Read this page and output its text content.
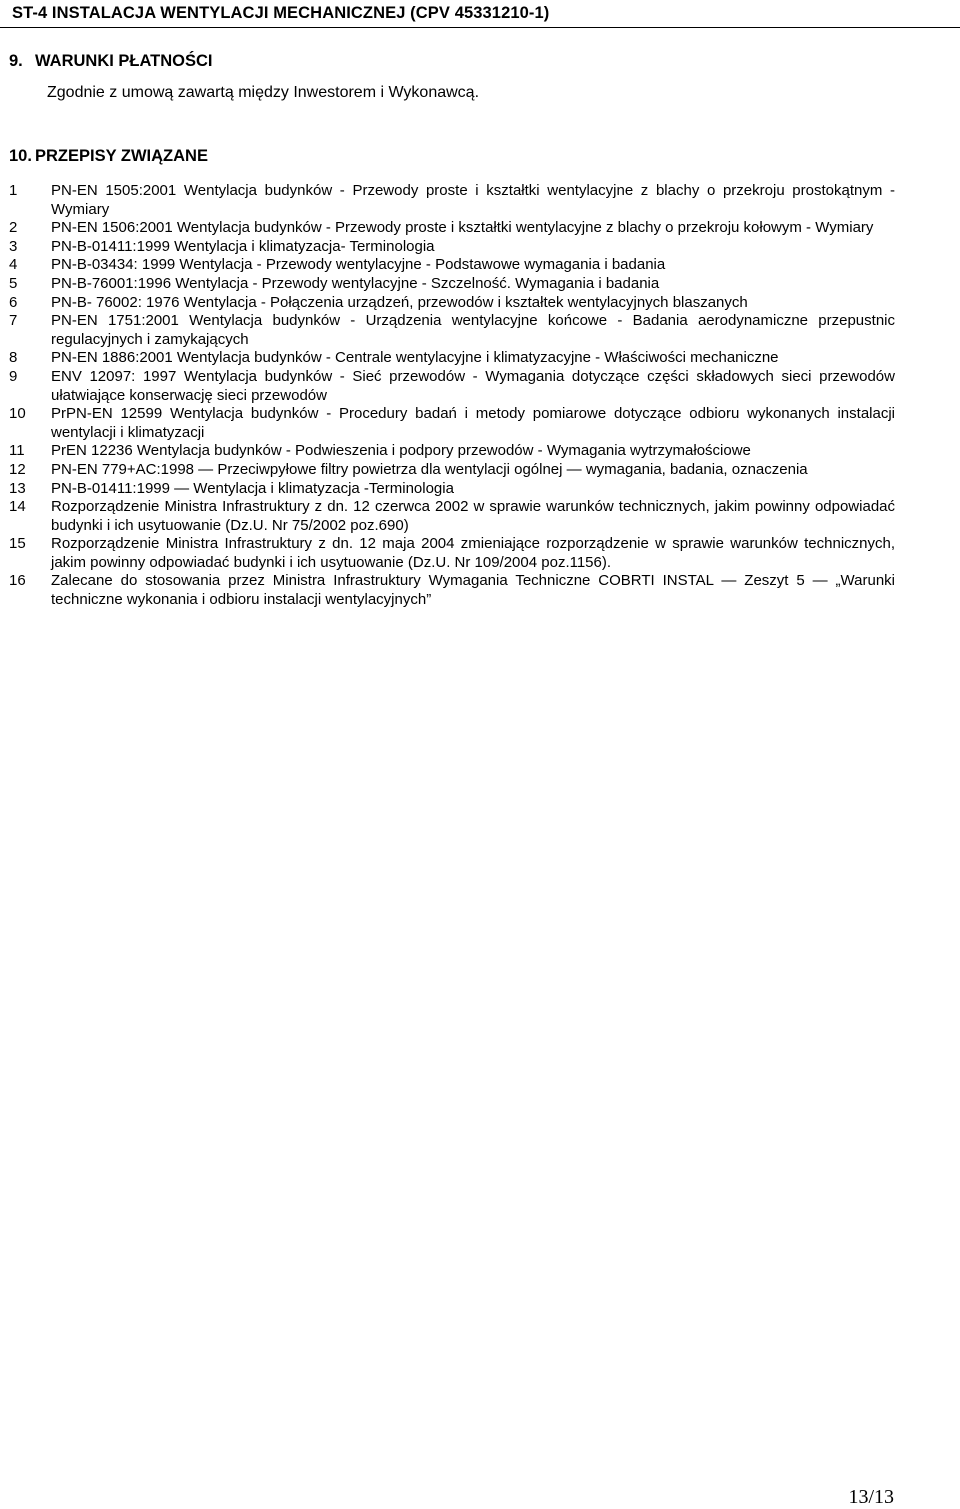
ST-4 INSTALACJA WENTYLACJI MECHANICZNEJ (CPV 45331210-1)
9. WARUNKI PŁATNOŚCI
Zgodnie z umową zawartą między Inwestorem i Wykonawcą.
10. PRZEPISY ZWIĄZANE
1	PN-EN 1505:2001 Wentylacja budynków - Przewody proste i kształtki wentylacyjne z blachy o przekroju prostokątnym - Wymiary
2	PN-EN 1506:2001 Wentylacja budynków - Przewody proste i kształtki wentylacyjne z blachy o przekroju kołowym - Wymiary
3	PN-B-01411:1999 Wentylacja i klimatyzacja- Terminologia
4	PN-B-03434: 1999 Wentylacja - Przewody wentylacyjne - Podstawowe wymagania i badania
5	PN-B-76001:1996 Wentylacja - Przewody wentylacyjne - Szczelność. Wymagania i badania
6	PN-B- 76002: 1976 Wentylacja - Połączenia urządzeń, przewodów i kształtek wentylacyjnych blaszanych
7	PN-EN 1751:2001 Wentylacja budynków - Urządzenia wentylacyjne końcowe - Badania aerodynamiczne przepustnic regulacyjnych i zamykających
8	PN-EN 1886:2001 Wentylacja budynków - Centrale wentylacyjne i klimatyzacyjne - Właściwości mechaniczne
9	ENV 12097: 1997 Wentylacja budynków - Sieć przewodów - Wymagania dotyczące części składowych sieci przewodów ułatwiające konserwację sieci przewodów
10	PrPN-EN 12599 Wentylacja budynków - Procedury badań i metody pomiarowe dotyczące odbioru wykonanych instalacji wentylacji i klimatyzacji
11	PrEN 12236 Wentylacja budynków - Podwieszenia i podpory przewodów - Wymagania wytrzymałościowe
12	PN-EN 779+AC:1998 — Przeciwpyłowe filtry powietrza dla wentylacji ogólnej — wymagania, badania, oznaczenia
13	PN-B-01411:1999 — Wentylacja i klimatyzacja -Terminologia
14	Rozporządzenie Ministra Infrastruktury z dn. 12 czerwca 2002 w sprawie warunków technicznych, jakim powinny odpowiadać budynki i ich usytuowanie (Dz.U. Nr 75/2002 poz.690)
15	Rozporządzenie Ministra Infrastruktury z dn. 12 maja 2004 zmieniające rozporządzenie w sprawie warunków technicznych, jakim powinny odpowiadać budynki i ich usytuowanie (Dz.U. Nr 109/2004 poz.1156).
16	Zalecane do stosowania przez Ministra Infrastruktury Wymagania Techniczne COBRTI INSTAL — Zeszyt 5 — „Warunki techniczne wykonania i odbioru instalacji wentylacyjnych”
13/13
